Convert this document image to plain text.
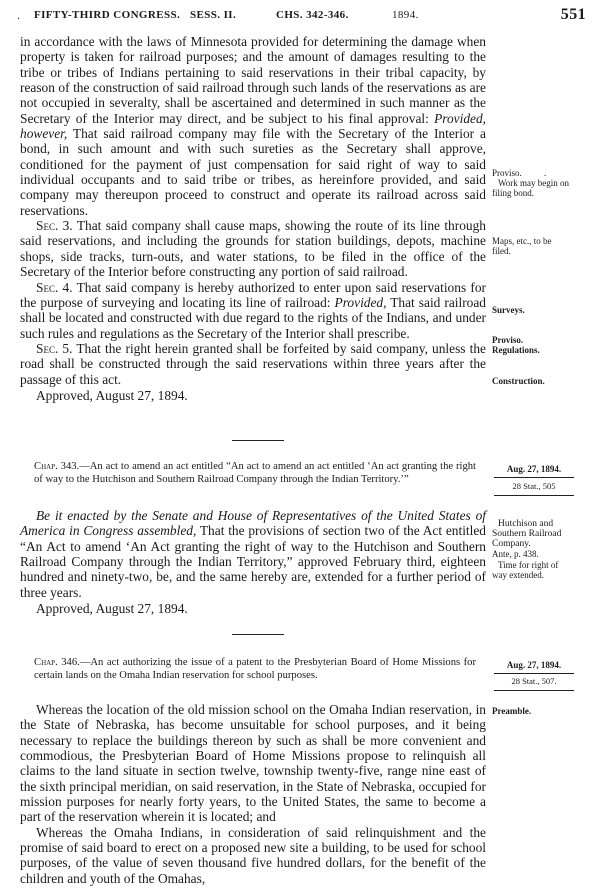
. FIFTY-THIRD CONGRESS. SESS. II.	CHS. 342-346.	1894.	551

in accordance with the laws of Minnesota provided for determining the damage when property is taken for railroad purposes; and the amount of damages resulting to the tribe or tribes of Indians pertaining to said reservations in their tribal capacity, by reason of the construction of said railroad through such lands of the reservations as are not occupied in severalty, shall be ascertained and determined in such manner as the Secretary of the Interior may direct, and be subject to his final approval: Provided, however, That said railroad company may file with the Secretary of the Interior a bond, in such amount and with such sureties as the Secretary shall approve, conditioned for the payment of just compensation for said right of way to said individual occupants and to said tribe or tribes, as hereinfore provided, and said company may thereupon proceed to construct and operate its railroad across said reservations.

Sec. 3. That said company shall cause maps, showing the route of its line through said reservations, and including the grounds for station buildings, depots, machine shops, side tracks, turn-outs, and water stations, to be filed in the office of the Secretary of the Interior before constructing any portion of said railroad.

Sec. 4. That said company is hereby authorized to enter upon said reservations for the purpose of surveying and locating its line of railroad: Provided, That said railroad shall be located and constructed with due regard to the rights of the Indians, and under such rules and regulations as the Secretary of the Interior shall prescribe.

Sec. 5. That the right herein granted shall be forfeited by said company, unless the road shall be constructed through the said reservations within three years after the passage of this act.

Approved, August 27, 1894.

Proviso.
Work may begin on
filing bond.
.
Maps, etc., to be
filed.
Surveys.
Proviso.
Regulations.
Construction.
Chap. 343.—An act to amend an act entitled “An act to amend an act entitled ‘An act granting the right of way to the Hutchison and Southern Railroad Company through the Indian Territory.’”
Aug. 27, 1894.
28 Stat., 505

Be it enacted by the Senate and House of Representatives of the United States of America in Congress assembled, That the provisions of section two of the Act entitled “An Act to amend ‘An Act granting the right of way to the Hutchison and Southern Railroad Company through the Indian Territory,” approved February third, eighteen hundred and ninety-two, be, and the same hereby are, extended for a further period of three years.

Approved, August 27, 1894.

Hutchison and
Southern Railroad
Company.
Ante, p. 438.
Time for right of
way extended.
Chap. 346.—An act authorizing the issue of a patent to the Presbyterian Board of Home Missions for certain lands on the Omaha Indian reservation for school purposes.
Aug. 27, 1894.
28 Stat., 507.
Preamble.

Whereas the location of the old mission school on the Omaha Indian reservation, in the State of Nebraska, has become unsuitable for school purposes, and it being necessary to replace the buildings thereon by such as shall be more convenient and commodious, the Presbyterian Board of Home Missions propose to relinquish all claims to the land situate in section twelve, township twenty-five, range nine east of the sixth principal meridian, on said reservation, in the State of Nebraska, occupied for mission purposes for nearly forty years, to the United States, the same to become a part of the reservation wherein it is located; and

Whereas the Omaha Indians, in consideration of said relinquishment and the promise of said board to erect on a proposed new site a building, to be used for school purposes, of the value of seven thousand five hundred dollars, for the benefit of the children and youth of the Omahas,
